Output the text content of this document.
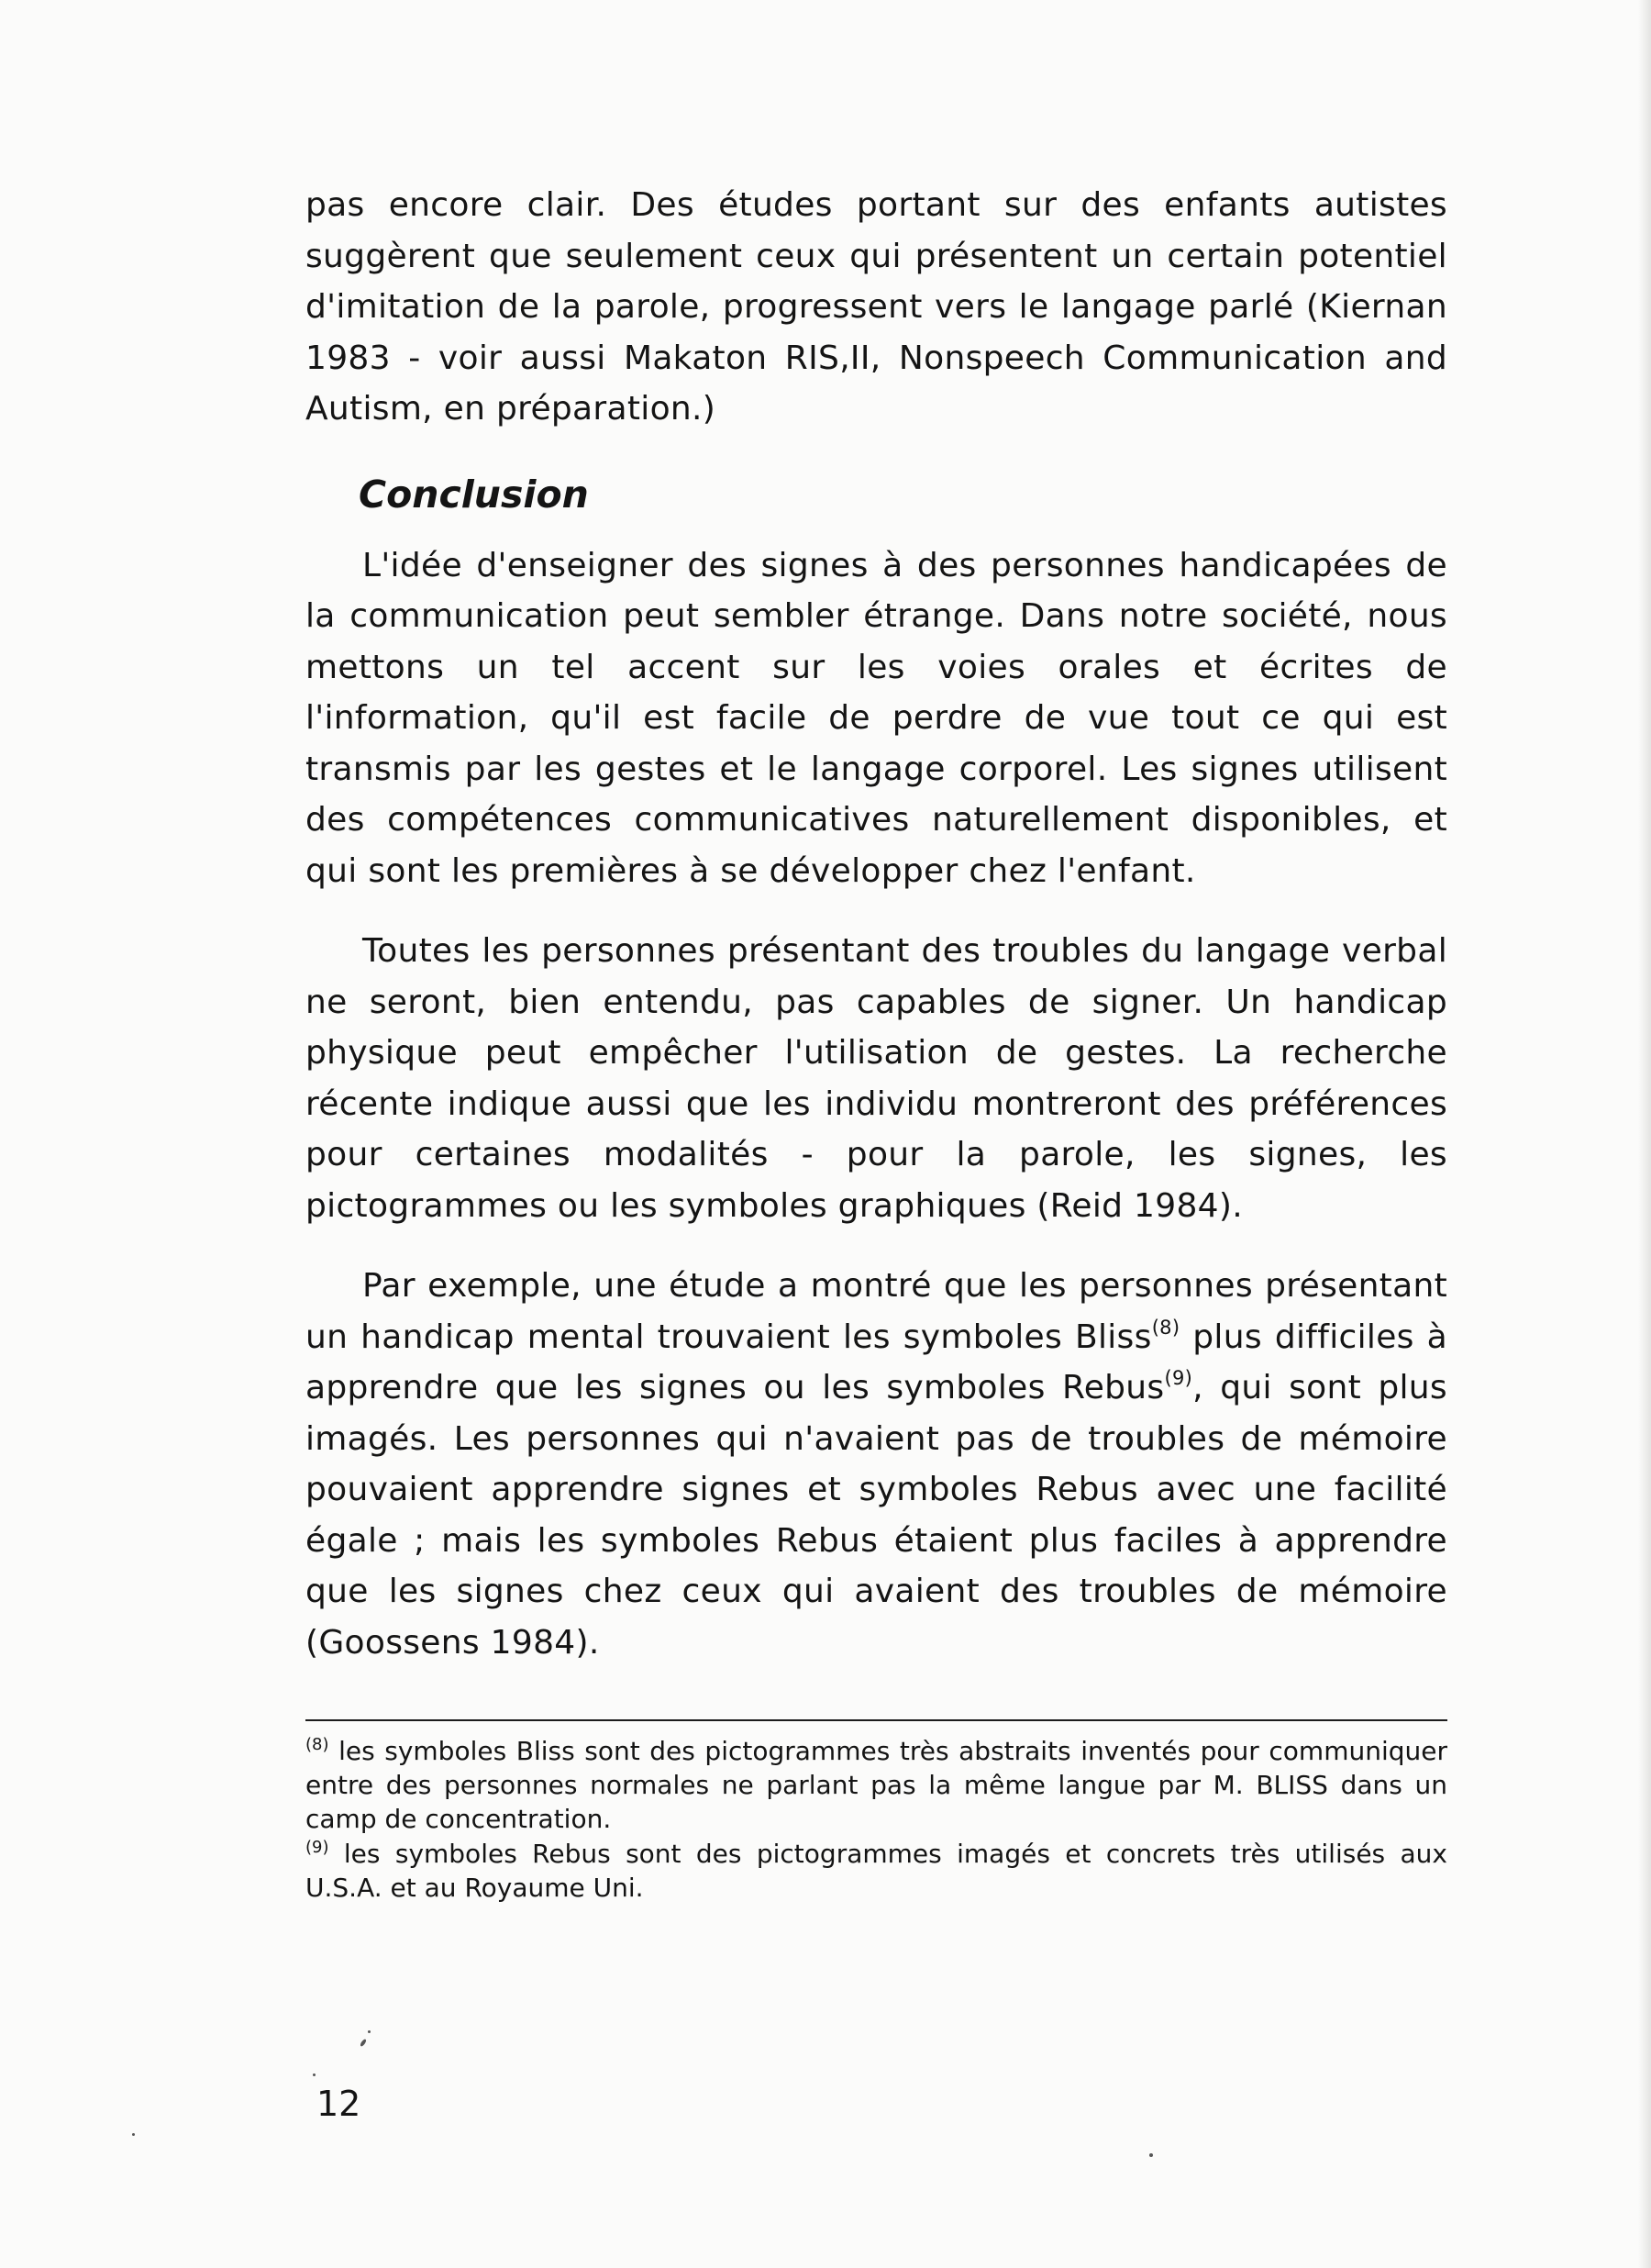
pas encore clair. Des études portant sur des enfants autistes suggèrent que seulement ceux qui présentent un certain potentiel d'imitation de la parole, progressent vers le langage parlé (Kiernan 1983 - voir aussi Makaton RIS,II, Nonspeech Communication and Autism, en préparation.)

Conclusion

L'idée d'enseigner des signes à des personnes handicapées de la communication peut sembler étrange. Dans notre société, nous mettons un tel accent sur les voies orales et écrites de l'information, qu'il est facile de perdre de vue tout ce qui est transmis par les gestes et le langage corporel. Les signes utilisent des compétences communicatives naturellement disponibles, et qui sont les premières à se développer chez l'enfant.

Toutes les personnes présentant des troubles du langage verbal ne seront, bien entendu, pas capables de signer. Un handicap physique peut empêcher l'utilisation de gestes. La recherche récente indique aussi que les individu montreront des préférences pour certaines modalités - pour la parole, les signes, les pictogrammes ou les symboles graphiques (Reid 1984).

Par exemple, une étude a montré que les personnes présentant un handicap mental trouvaient les symboles Bliss$^{(8)}$ plus difficiles à apprendre que les signes ou les symboles Rebus$^{(9)}$, qui sont plus imagés. Les personnes qui n'avaient pas de troubles de mémoire pouvaient apprendre signes et symboles Rebus avec une facilité égale ; mais les symboles Rebus étaient plus faciles à apprendre que les signes chez ceux qui avaient des troubles de mémoire (Goossens 1984).

$^{(8)}$ les symboles Bliss sont des pictogrammes très abstraits inventés pour communiquer entre des personnes normales ne parlant pas la même langue par M. BLISS dans un camp de concentration.

$^{(9)}$ les symboles Rebus sont des pictogrammes imagés et concrets très utilisés aux U.S.A. et au Royaume Uni.

12
